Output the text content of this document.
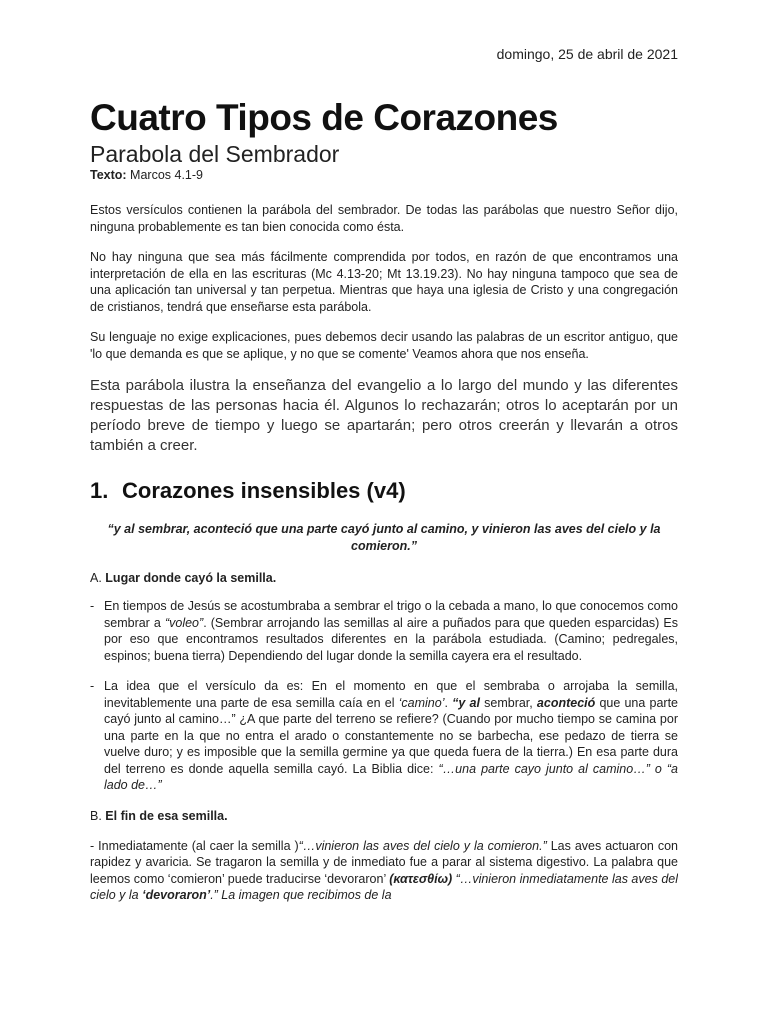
domingo, 25 de abril de 2021
Cuatro Tipos de Corazones
Parabola del Sembrador
Texto: Marcos 4.1-9

Estos versículos contienen la parábola del sembrador. De todas las parábolas que nuestro Señor dijo, ninguna probablemente es tan bien conocida como ésta.

No hay ninguna que sea más fácilmente comprendida por todos, en razón de que encontramos una interpretación de ella en las escrituras (Mc 4.13-20; Mt 13.19.23). No hay ninguna tampoco que sea de una aplicación tan universal y tan perpetua. Mientras que haya una iglesia de Cristo y una congregación de cristianos, tendrá que enseñarse esta parábola.

Su lenguaje no exige explicaciones, pues debemos decir usando las palabras de un escritor antiguo, que 'lo que demanda es que se aplique, y no que se comente' Veamos ahora que nos enseña.

Esta parábola ilustra la enseñanza del evangelio a lo largo del mundo y las diferentes respuestas de las personas hacia él. Algunos lo rechazarán; otros lo aceptarán por un período breve de tiempo y luego se apartarán; pero otros creerán y llevarán a otros también a creer.

1. Corazones insensibles (v4)

“y al sembrar, aconteció que una parte cayó junto al camino, y vinieron las aves del cielo y la comieron.”

A. Lugar donde cayó la semilla.

- En tiempos de Jesús se acostumbraba a sembrar el trigo o la cebada a mano, lo que conocemos como sembrar a “voleo”. (Sembrar arrojando las semillas al aire a puñados para que queden esparcidas) Es por eso que encontramos resultados diferentes en la parábola estudiada. (Camino; pedregales, espinos; buena tierra) Dependiendo del lugar donde la semilla cayera era el resultado.
- La idea que el versículo da es: En el momento en que el sembraba o arrojaba la semilla, inevitablemente una parte de esa semilla caía en el ‘camino’. “y al sembrar, aconteció que una parte cayó junto al camino…” ¿A que parte del terreno se refiere? (Cuando por mucho tiempo se camina por una parte en la que no entra el arado o constantemente no se barbecha, ese pedazo de tierra se vuelve duro; y es imposible que la semilla germine ya que queda fuera de la tierra.) En esa parte dura del terreno es donde aquella semilla cayó. La Biblia dice: “…una parte cayo junto al camino…” o “a lado de…”

B. El fin de esa semilla.

- Inmediatamente (al caer la semilla )“…vinieron las aves del cielo y la comieron.” Las aves actuaron con rapidez y avaricia. Se tragaron la semilla y de inmediato fue a parar al sistema digestivo. La palabra que leemos como ‘comieron’ puede traducirse ‘devoraron’ (κατεσθίω) “…vinieron inmediatamente las aves del cielo y la ‘devoraron’.” La imagen que recibimos de la
